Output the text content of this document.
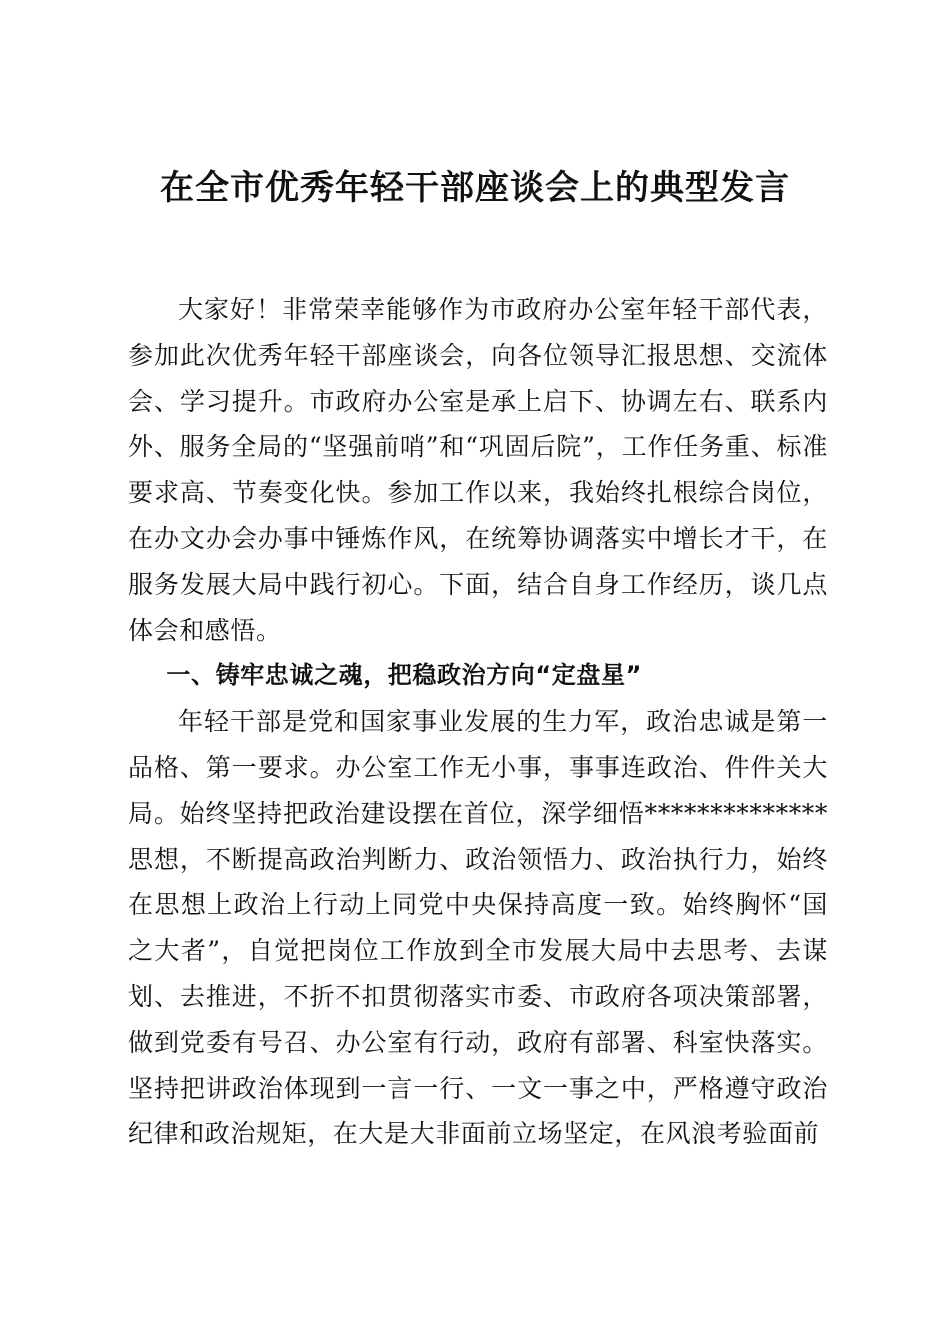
在全市优秀年轻干部座谈会上的典型发言

大家好！非常荣幸能够作为市政府办公室年轻干部代表，参加此次优秀年轻干部座谈会，向各位领导汇报思想、交流体会、学习提升。市政府办公室是承上启下、协调左右、联系内外、服务全局的“坚强前哨”和“巩固后院”，工作任务重、标准要求高、节奏变化快。参加工作以来，我始终扎根综合岗位，在办文办会办事中锤炼作风，在统筹协调落实中增长才干，在服务发展大局中践行初心。下面，结合自身工作经历，谈几点体会和感悟。

一、铸牢忠诚之魂，把稳政治方向“定盘星”

年轻干部是党和国家事业发展的生力军，政治忠诚是第一品格、第一要求。办公室工作无小事，事事连政治、件件关大局。始终坚持把政治建设摆在首位，深学细悟**************思想，不断提高政治判断力、政治领悟力、政治执行力，始终在思想上政治上行动上同党中央保持高度一致。始终胸怀“国之大者”，自觉把岗位工作放到全市发展大局中去思考、去谋划、去推进，不折不扣贯彻落实市委、市政府各项决策部署，做到党委有号召、办公室有行动，政府有部署、科室快落实。坚持把讲政治体现到一言一行、一文一事之中，严格遵守政治纪律和政治规矩，在大是大非面前立场坚定，在风浪考验面前
